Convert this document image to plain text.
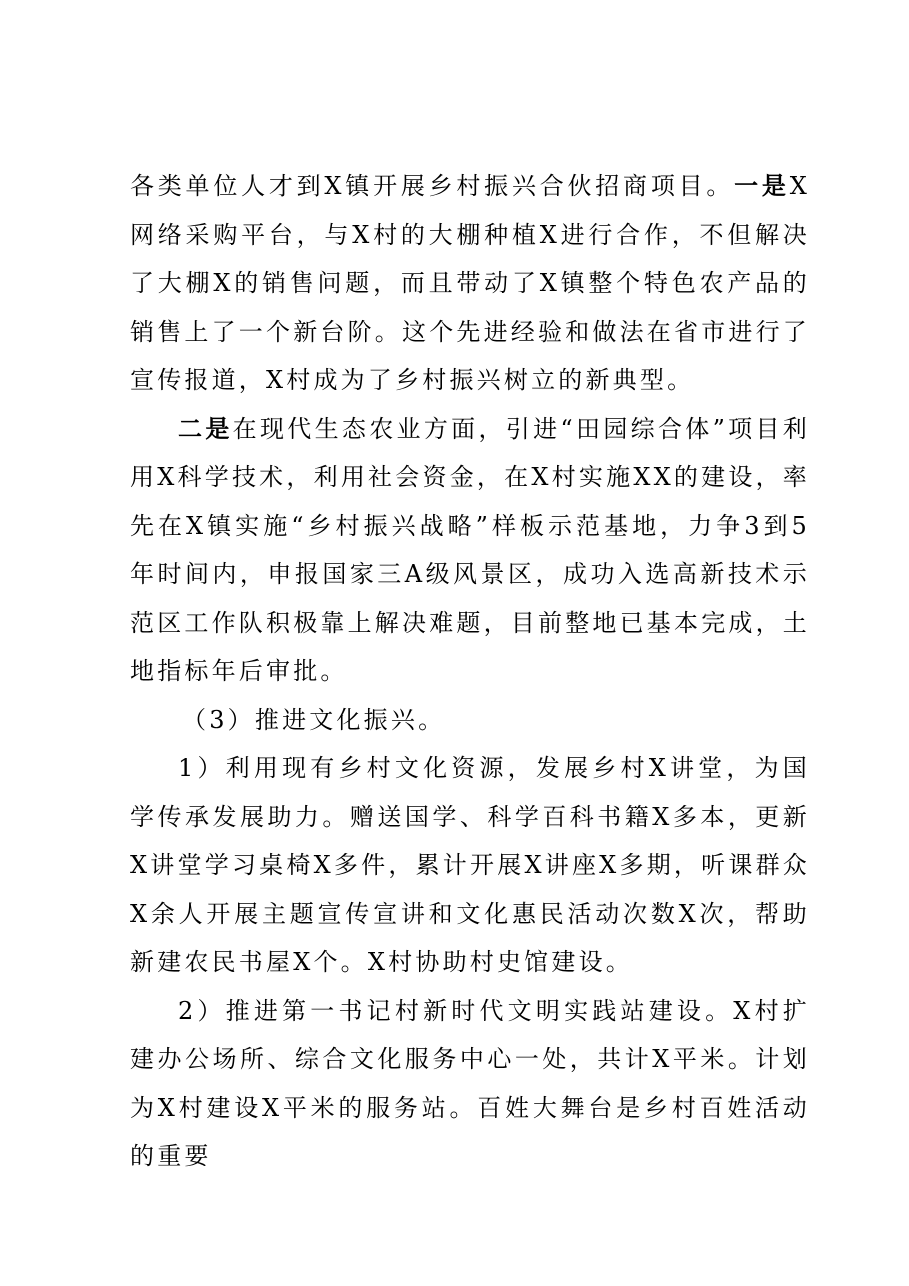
各类单位人才到X镇开展乡村振兴合伙招商项目。一是X网络采购平台，与X村的大棚种植X进行合作，不但解决了大棚X的销售问题，而且带动了X镇整个特色农产品的销售上了一个新台阶。这个先进经验和做法在省市进行了宣传报道，X村成为了乡村振兴树立的新典型。

二是在现代生态农业方面，引进“田园综合体”项目利用X科学技术，利用社会资金，在X村实施XX的建设，率先在X镇实施“乡村振兴战略”样板示范基地，力争3到5年时间内，申报国家三A级风景区，成功入选高新技术示范区工作队积极靠上解决难题，目前整地已基本完成，土地指标年后审批。

（3）推进文化振兴。

1）利用现有乡村文化资源，发展乡村X讲堂，为国学传承发展助力。赠送国学、科学百科书籍X多本，更新X讲堂学习桌椅X多件，累计开展X讲座X多期，听课群众X余人开展主题宣传宣讲和文化惠民活动次数X次，帮助新建农民书屋X个。X村协助村史馆建设。

2）推进第一书记村新时代文明实践站建设。X村扩建办公场所、综合文化服务中心一处，共计X平米。计划为X村建设X平米的服务站。百姓大舞台是乡村百姓活动的重要
